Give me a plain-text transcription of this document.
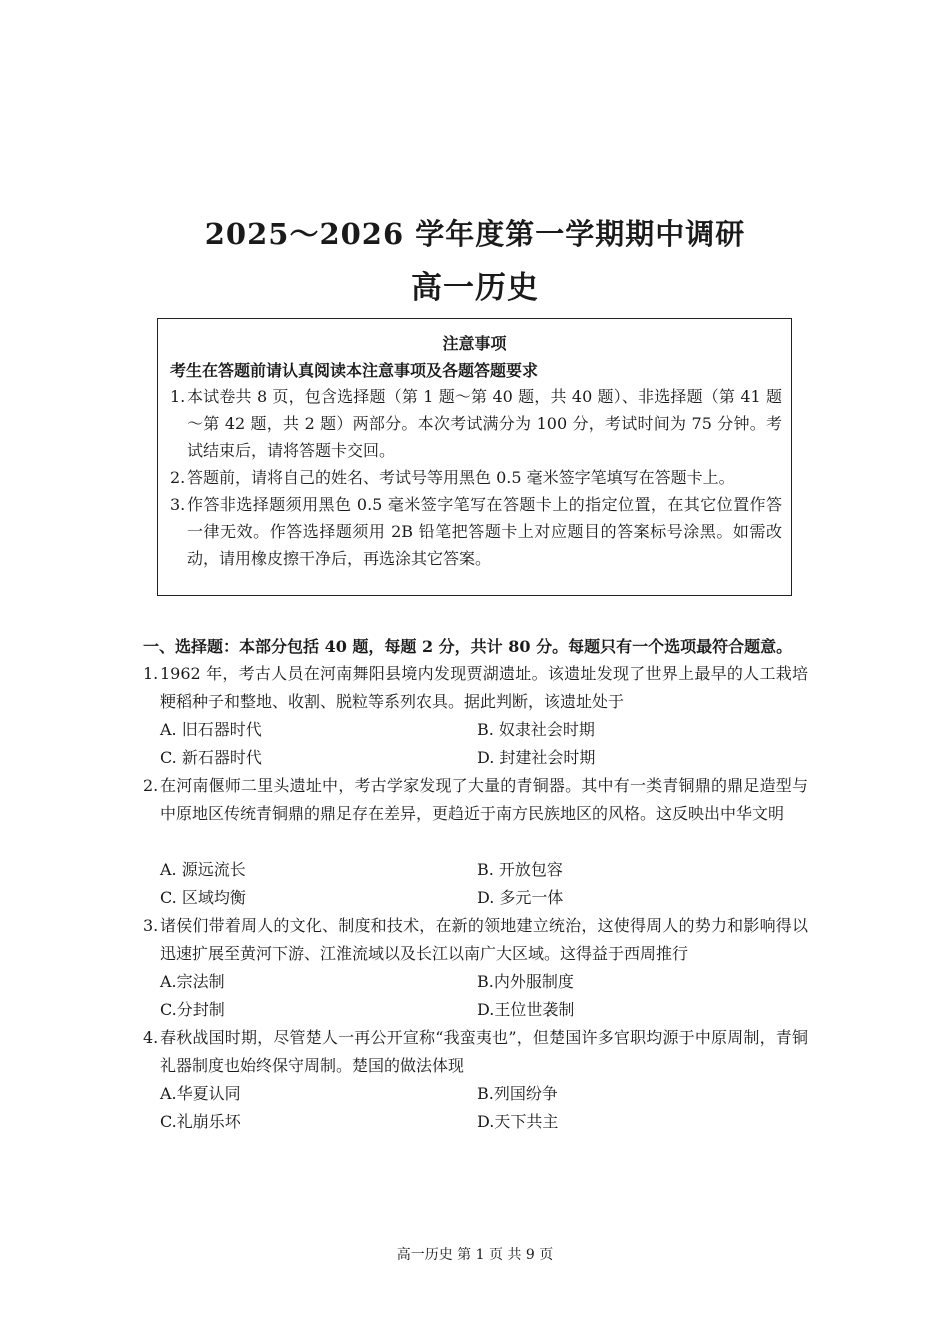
2025～2026 学年度第一学期期中调研
高一历史
注意事项
考生在答题前请认真阅读本注意事项及各题答题要求
1. 本试卷共 8 页，包含选择题（第 1 题～第 40 题，共 40 题）、非选择题（第 41 题～第 42 题，共 2 题）两部分。本次考试满分为 100 分，考试时间为 75 分钟。考试结束后，请将答题卡交回。
2. 答题前，请将自己的姓名、考试号等用黑色 0.5 毫米签字笔填写在答题卡上。
3. 作答非选择题须用黑色 0.5 毫米签字笔写在答题卡上的指定位置，在其它位置作答一律无效。作答选择题须用 2B 铅笔把答题卡上对应题目的答案标号涂黑。如需改动，请用橡皮擦干净后，再选涂其它答案。
一、选择题：本部分包括 40 题，每题 2 分，共计 80 分。每题只有一个选项最符合题意。
1. 1962 年，考古人员在河南舞阳县境内发现贾湖遗址。该遗址发现了世界上最早的人工栽培粳稻种子和整地、收割、脱粒等系列农具。据此判断，该遗址处于
A. 旧石器时代	B. 奴隶社会时期
C. 新石器时代	D. 封建社会时期
2. 在河南偃师二里头遗址中，考古学家发现了大量的青铜器。其中有一类青铜鼎的鼎足造型与中原地区传统青铜鼎的鼎足存在差异，更趋近于南方民族地区的风格。这反映出中华文明
A. 源远流长	B. 开放包容
C. 区域均衡	D. 多元一体
3. 诸侯们带着周人的文化、制度和技术，在新的领地建立统治，这使得周人的势力和影响得以迅速扩展至黄河下游、江淮流域以及长江以南广大区域。这得益于西周推行
A.宗法制	B.内外服制度
C.分封制	D.王位世袭制
4. 春秋战国时期，尽管楚人一再公开宣称“我蛮夷也”，但楚国许多官职均源于中原周制，青铜礼器制度也始终保守周制。楚国的做法体现
A.华夏认同	B.列国纷争
C.礼崩乐坏	D.天下共主
高一历史 第 1 页 共 9 页
